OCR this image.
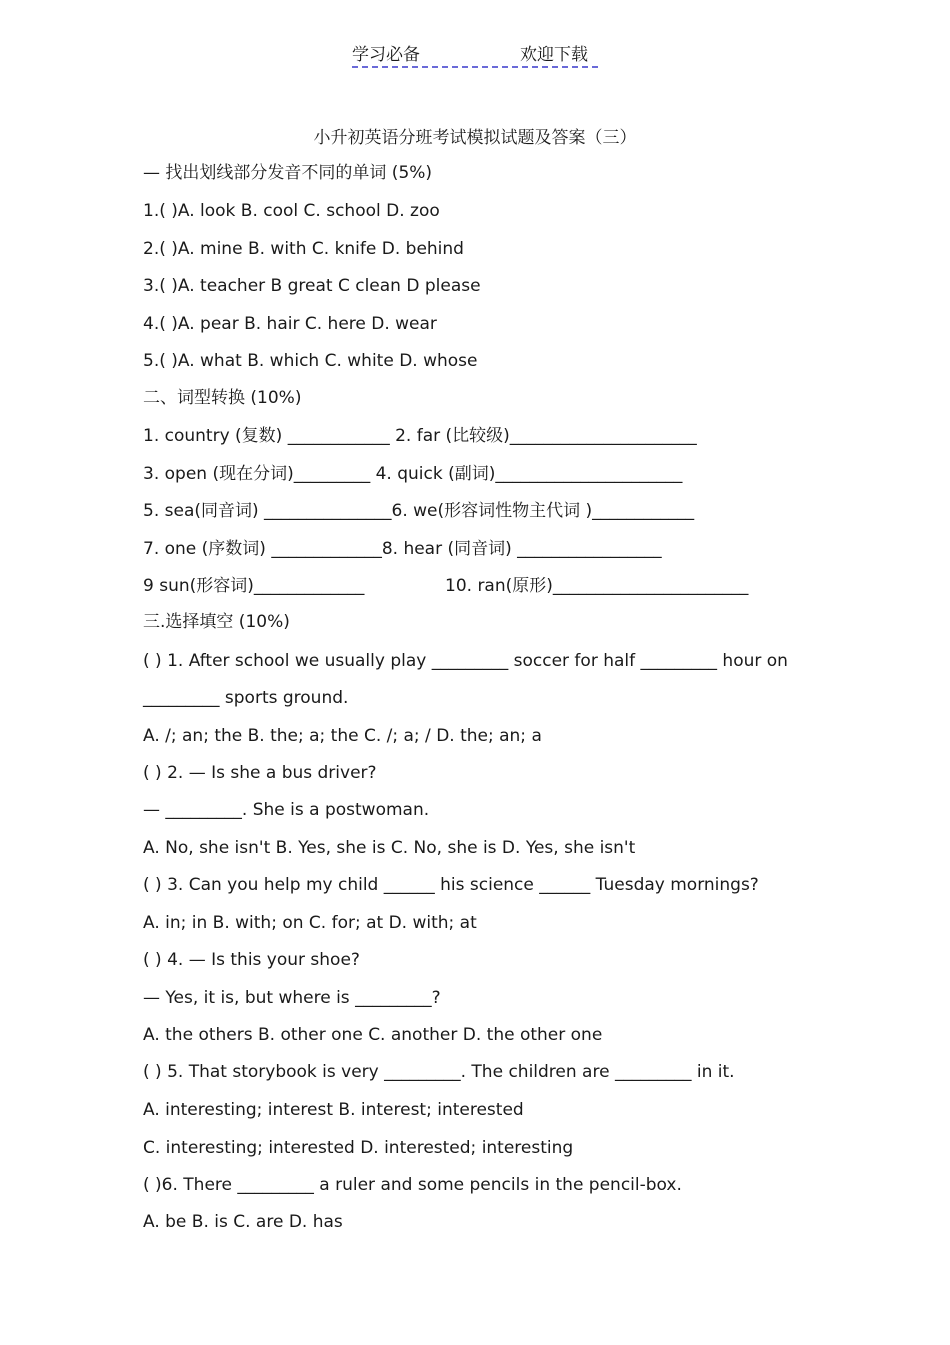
学习必备	欢迎下载
小升初英语分班考试模拟试题及答案（三）
— 找出划线部分发音不同的单词 (5%)
1.( )A. look B. cool C. school D. zoo
2.( )A. mine B. with C. knife D. behind
3.( )A. teacher B great C clean D please
4.( )A. pear B. hair C. here D. wear
5.( )A. what B. which C. white D. whose
二、词型转换 (10%)
1. country (复数) ____________ 2. far (比较级)______________________
3. open (现在分词)_________ 4. quick (副词)______________________
5. sea(同音词) _______________6. we(形容词性物主代词 )____________
7. one (序数词) _____________8. hear (同音词) _________________
9 sun(形容词)_____________	10. ran(原形)_______________________
三.选择填空 (10%)
( ) 1. After school we usually play _________ soccer for half _________ hour on
_________ sports ground.
A. /; an; the B. the; a; the C. /; a; / D. the; an; a
( ) 2. — Is she a bus driver?
— _________. She is a postwoman.
A. No, she isn't B. Yes, she is C. No, she is D. Yes, she isn't
( ) 3. Can you help my child ______ his science ______ Tuesday mornings?
A. in; in B. with; on C. for; at D. with; at
( ) 4. — Is this your shoe?
— Yes, it is, but where is _________?
A. the others B. other one C. another D. the other one
( ) 5. That storybook is very _________. The children are _________ in it.
A. interesting; interest B. interest; interested
C. interesting; interested D. interested; interesting
( )6. There _________ a ruler and some pencils in the pencil-box.
A. be B. is C. are D. has
